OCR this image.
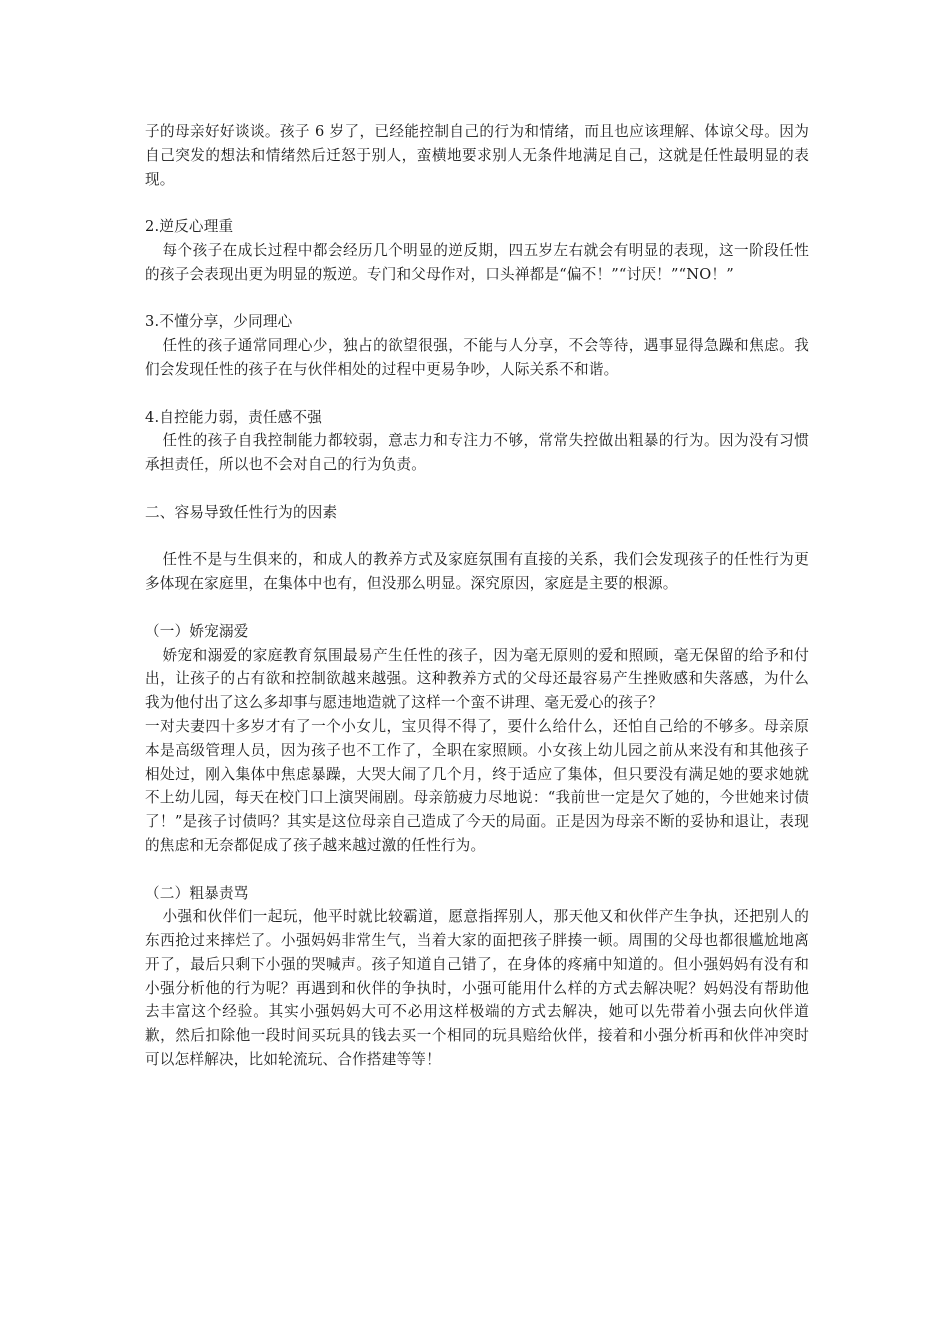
子的母亲好好谈谈。孩子 6 岁了，已经能控制自己的行为和情绪，而且也应该理解、体谅父母。因为自己突发的想法和情绪然后迁怒于别人，蛮横地要求别人无条件地满足自己，这就是任性最明显的表现。

2.逆反心理重

每个孩子在成长过程中都会经历几个明显的逆反期，四五岁左右就会有明显的表现，这一阶段任性的孩子会表现出更为明显的叛逆。专门和父母作对，口头禅都是“偏不！”“讨厌！”“NO！”

3.不懂分享，少同理心

任性的孩子通常同理心少，独占的欲望很强，不能与人分享，不会等待，遇事显得急躁和焦虑。我们会发现任性的孩子在与伙伴相处的过程中更易争吵，人际关系不和谐。

4.自控能力弱，责任感不强

任性的孩子自我控制能力都较弱，意志力和专注力不够，常常失控做出粗暴的行为。因为没有习惯承担责任，所以也不会对自己的行为负责。

二、容易导致任性行为的因素

任性不是与生俱来的，和成人的教养方式及家庭氛围有直接的关系，我们会发现孩子的任性行为更多体现在家庭里，在集体中也有，但没那么明显。深究原因，家庭是主要的根源。

（一）娇宠溺爱

娇宠和溺爱的家庭教育氛围最易产生任性的孩子，因为毫无原则的爱和照顾，毫无保留的给予和付出，让孩子的占有欲和控制欲越来越强。这种教养方式的父母还最容易产生挫败感和失落感，为什么我为他付出了这么多却事与愿违地造就了这样一个蛮不讲理、毫无爱心的孩子？

一对夫妻四十多岁才有了一个小女儿，宝贝得不得了，要什么给什么，还怕自己给的不够多。母亲原本是高级管理人员，因为孩子也不工作了，全职在家照顾。小女孩上幼儿园之前从来没有和其他孩子相处过，刚入集体中焦虑暴躁，大哭大闹了几个月，终于适应了集体，但只要没有满足她的要求她就不上幼儿园，每天在校门口上演哭闹剧。母亲筋疲力尽地说：“我前世一定是欠了她的，今世她来讨债了！”是孩子讨债吗？其实是这位母亲自己造成了今天的局面。正是因为母亲不断的妥协和退让，表现的焦虑和无奈都促成了孩子越来越过激的任性行为。

（二）粗暴责骂

小强和伙伴们一起玩，他平时就比较霸道，愿意指挥别人，那天他又和伙伴产生争执，还把别人的东西抢过来摔烂了。小强妈妈非常生气，当着大家的面把孩子胖揍一顿。周围的父母也都很尴尬地离开了，最后只剩下小强的哭喊声。孩子知道自己错了，在身体的疼痛中知道的。但小强妈妈有没有和小强分析他的行为呢？再遇到和伙伴的争执时，小强可能用什么样的方式去解决呢？妈妈没有帮助他去丰富这个经验。其实小强妈妈大可不必用这样极端的方式去解决，她可以先带着小强去向伙伴道歉，然后扣除他一段时间买玩具的钱去买一个相同的玩具赔给伙伴，接着和小强分析再和伙伴冲突时可以怎样解决，比如轮流玩、合作搭建等等！
